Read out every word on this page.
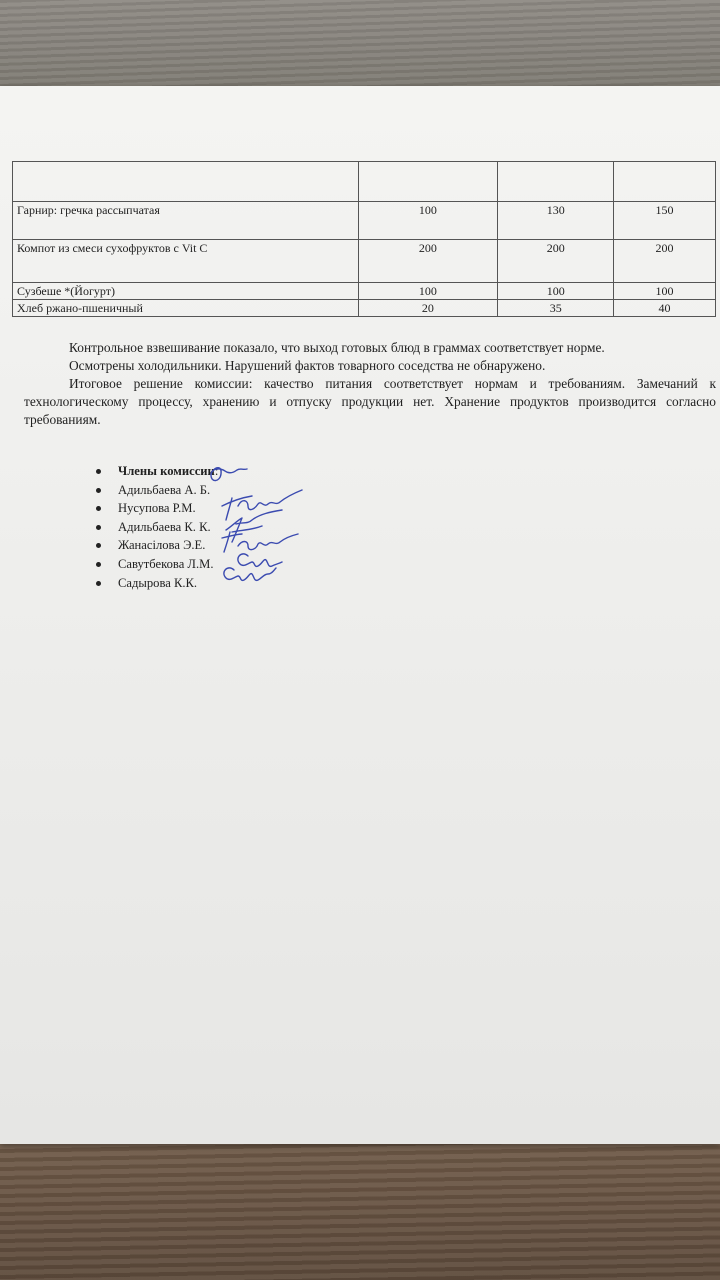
Гарнир: гречка рассыпчатая	100	130	150
Компот из смеси сухофруктов с Vit C	200	200	200
Сузбеше *(Йогурт)	100	100	100
Хлеб ржано-пшеничный	20	35	40

Контрольное взвешивание показало, что выход готовых блюд в граммах соответствует норме.

Осмотрены холодильники. Нарушений фактов товарного соседства не обнаружено.

Итоговое решение комиссии: качество питания соответствует нормам и требованиям. Замечаний к технологическому процессу, хранению и отпуску продукции нет. Хранение продуктов производится согласно требованиям.

Члены комиссии:
Адильбаева А. Б.
Нусупова Р.М.
Адильбаева К. К.
Жанасiлова Э.Е.
Савутбекова Л.М.
Садырова К.К.
